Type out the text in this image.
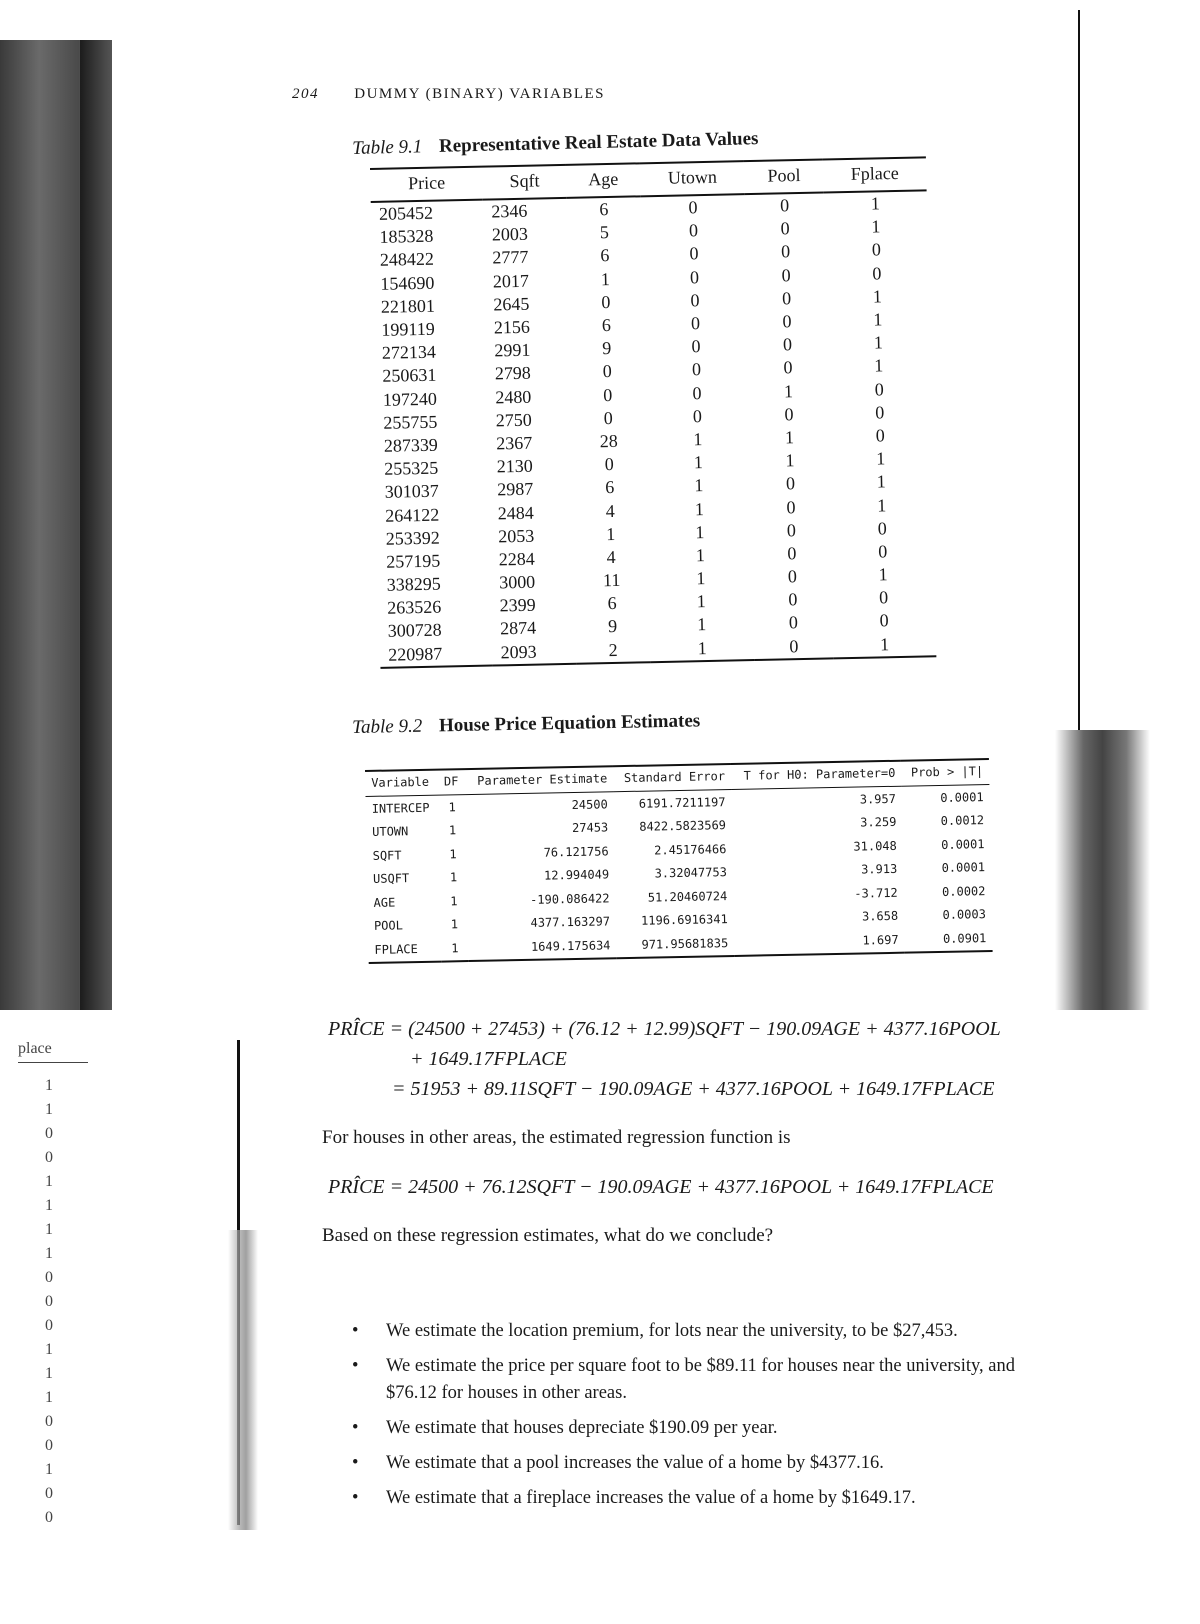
place
1
1
0
0
1
1
1
1
0
0
0
1
1
1
0
0
1
0
0
204 DUMMY (BINARY) VARIABLES
Table 9.1 Representative Real Estate Data Values
Price	Sqft	Age	Utown	Pool	Fplace
205452	2346	6	0	0	1
185328	2003	5	0	0	1
248422	2777	6	0	0	0
154690	2017	1	0	0	0
221801	2645	0	0	0	1
199119	2156	6	0	0	1
272134	2991	9	0	0	1
250631	2798	0	0	0	1
197240	2480	0	0	1	0
255755	2750	0	0	0	0
287339	2367	28	1	1	0
255325	2130	0	1	1	1
301037	2987	6	1	0	1
264122	2484	4	1	0	1
253392	2053	1	1	0	0
257195	2284	4	1	0	0
338295	3000	11	1	0	1
263526	2399	6	1	0	0
300728	2874	9	1	0	0
220987	2093	2	1	0	1
Table 9.2 House Price Equation Estimates
Variable	DF	Parameter Estimate	Standard Error	T for H0: Parameter=0	Prob > |T|
INTERCEP	1	24500	6191.7211197	3.957	0.0001
UTOWN	1	27453	8422.5823569	3.259	0.0012
SQFT	1	76.121756	2.45176466	31.048	0.0001
USQFT	1	12.994049	3.32047753	3.913	0.0001
AGE	1	-190.086422	51.20460724	-3.712	0.0002
POOL	1	4377.163297	1196.6916341	3.658	0.0003
FPLACE	1	1649.175634	971.95681835	1.697	0.0901
PRÎCE = (24500 + 27453) + (76.12 + 12.99)SQFT − 190.09AGE + 4377.16POOL
+ 1649.17FPLACE
= 51953 + 89.11SQFT − 190.09AGE + 4377.16POOL + 1649.17FPLACE
For houses in other areas, the estimated regression function is
PRÎCE = 24500 + 76.12SQFT − 190.09AGE + 4377.16POOL + 1649.17FPLACE
Based on these regression estimates, what do we conclude?
• We estimate the location premium, for lots near the university, to be $27,453.
• We estimate the price per square foot to be $89.11 for houses near the university, and $76.12 for houses in other areas.
• We estimate that houses depreciate $190.09 per year.
• We estimate that a pool increases the value of a home by $4377.16.
• We estimate that a fireplace increases the value of a home by $1649.17.
